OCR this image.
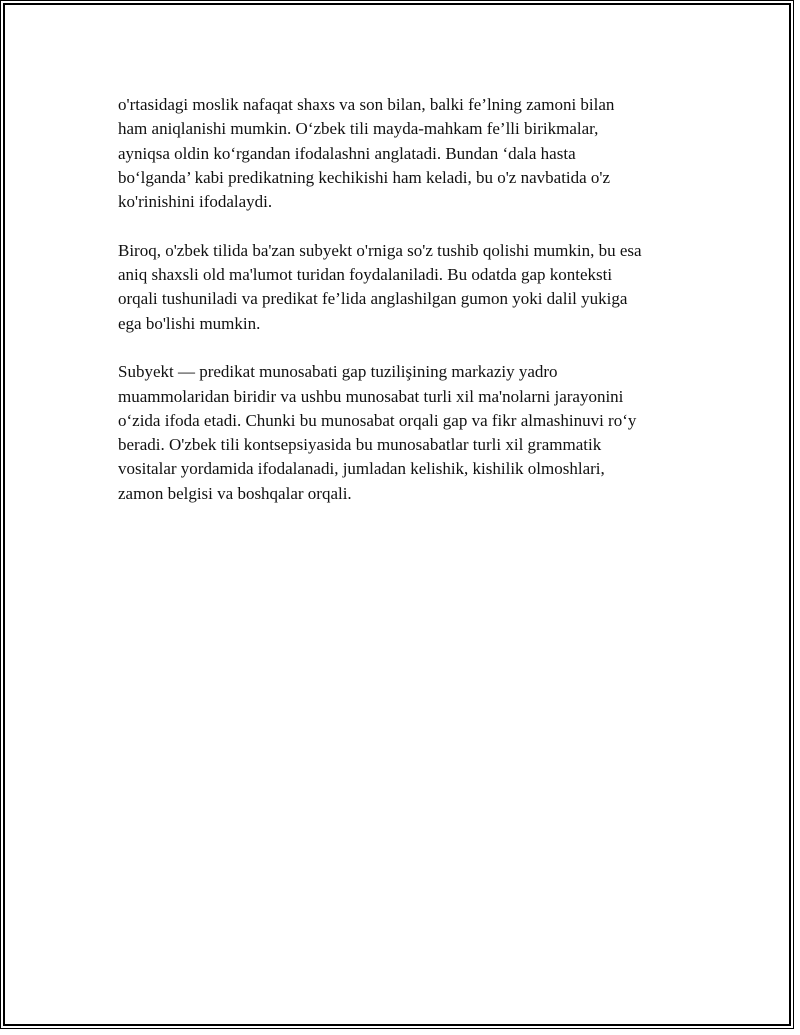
o'rtasidagi moslik nafaqat shaxs va son bilan, balki fe’lning zamoni bilan
ham aniqlanishi mumkin. O‘zbek tili mayda-mahkam fe’lli birikmalar,
ayniqsa oldin ko‘rgandan ifodalashni anglatadi. Bundan ‘dala hasta
bo‘lganda’ kabi predikatning kechikishi ham keladi, bu o'z navbatida o'z
ko'rinishini ifodalaydi.

Biroq, o'zbek tilida ba'zan subyekt o'rniga so'z tushib qolishi mumkin, bu esa
aniq shaxsli old ma'lumot turidan foydalaniladi. Bu odatda gap konteksti
orqali tushuniladi va predikat fe’lida anglashilgan gumon yoki dalil yukiga
ega bo'lishi mumkin.

Subyekt — predikat munosabati gap tuzilişining markaziy yadro
muammolaridan biridir va ushbu munosabat turli xil ma'nolarni jarayonini
o‘zida ifoda etadi. Chunki bu munosabat orqali gap va fikr almashinuvi ro‘y
beradi. O'zbek tili kontsepsiyasida bu munosabatlar turli xil grammatik
vositalar yordamida ifodalanadi, jumladan kelishik, kishilik olmoshlari,
zamon belgisi va boshqalar orqali.
